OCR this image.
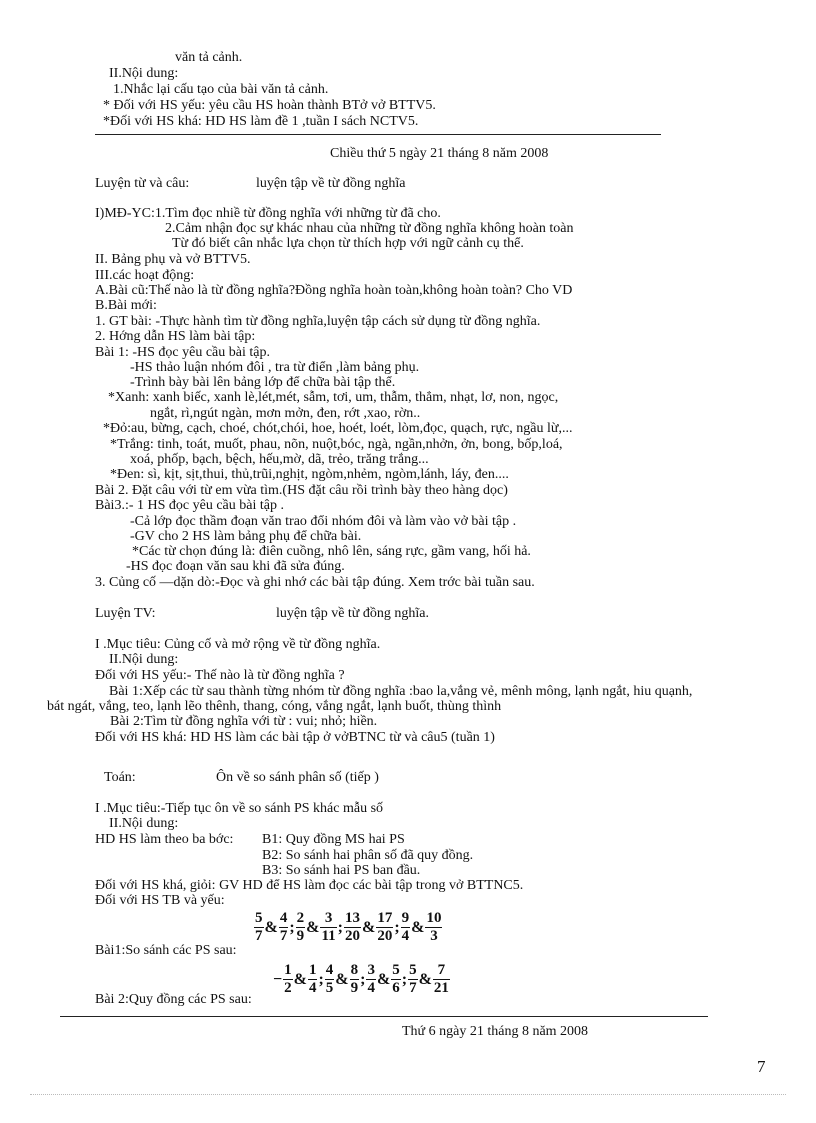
văn tả cảnh.
II.Nội dung:
1.Nhắc lại cấu tạo của bài văn tả cảnh.
* Đối với HS yếu: yêu cầu HS hoàn thành BTở vở BTTV5.
*Đối với HS khá: HD HS làm đề 1 ,tuần I sách NCTV5.
Chiều thứ 5 ngày 21 tháng 8 năm 2008
Luyện từ và câu:	luyện tập về từ đồng nghĩa
I)MĐ-YC:1.Tìm đọc nhiề từ đồng nghĩa với những từ đã cho.
2.Cảm nhận đọc sự khác nhau của những từ đồng nghĩa không hoàn toàn
Từ đó biết cân nhắc lựa chọn từ thích hợp với ngữ cảnh cụ thể.
II. Bảng phụ và vở BTTV5.
III.các hoạt động:
A.Bài cũ:Thế nào là từ đồng nghĩa?Đồng nghĩa hoàn toàn,không hoàn toàn? Cho VD
B.Bài mới:
1. GT bài: -Thực hành tìm từ đồng nghĩa,luyện tập cách sử dụng từ đồng nghĩa.
2. Hớng dẫn HS làm bài tập:
Bài 1: -HS đọc yêu cầu bài tập.
-HS thảo luận nhóm đôi , tra từ điển ,làm bảng phụ.
-Trình bày bài lên bảng lớp để chữa bài tập thể.
*Xanh: xanh biếc, xanh lè,lét,mét, sẫm, tơi, um, thẫm, thẳm, nhạt, lơ, non, ngọc,
ngắt, rì,ngút ngàn, mơn mởn, đen, rớt ,xao, rờn..
*Đỏ:au, bừng, cạch, choé, chót,chói, hoe, hoét, loét, lòm,đọc, quạch, rực, ngầu lừ,...
*Trắng: tinh, toát, muốt, phau, nõn, nuột,bóc, ngà, ngần,nhởn, ởn, bong, bốp,loá,
xoá, phốp, bạch, bệch, hếu,mờ, dã, trẻo, trăng trắng...
*Đen: sì, kịt, sịt,thui, thủ,trũi,nghịt, ngòm,nhẻm, ngòm,lánh, láy, đen....
Bài 2. Đặt câu với từ em vừa tìm.(HS đặt câu rồi trình bày theo hàng dọc)
Bài3.:- 1 HS đọc yêu cầu bài tập .
-Cả lớp đọc thầm đoạn văn trao đổi nhóm đôi và làm vào vở bài tập .
-GV cho 2 HS làm bảng phụ để chữa bài.
*Các từ chọn đúng là: điên cuồng, nhô lên, sáng rực, gầm vang, hối hả.
-HS đọc đoạn văn sau khi đã sửa đúng.
3. Củng cố —dặn dò:-Đọc và ghi nhớ các bài tập đúng. Xem trớc bài tuần sau.
Luyện TV:	luyện tập về từ đồng nghĩa.
I .Mục tiêu: Củng cố và mở rộng về từ đồng nghĩa.
II.Nội dung:
Đối với HS yếu:- Thế nào là từ đồng nghĩa ?
Bài 1:Xếp các từ sau thành từng nhóm từ đồng nghĩa :bao la,vắng vẻ, mênh mông, lạnh ngắt, hiu quạnh,
bát ngát, vắng, teo, lạnh lẽo thênh, thang, cóng, vắng ngắt, lạnh buốt, thùng thình
Bài 2:Tìm từ đồng nghĩa với từ : vui; nhỏ; hiền.
Đối với HS khá: HD HS làm các bài tập ở vởBTNC từ và câu5 (tuần 1)
Toán:	Ôn về so sánh phân số (tiếp )
I .Mục tiêu:-Tiếp tục ôn về so sánh PS khác mẫu số
II.Nội dung:
HD HS làm theo ba bớc: B1: Quy đồng MS hai PS
B2: So sánh hai phân số đã quy đồng.
B3: So sánh hai PS ban đầu.
Đối với HS khá, giỏi: GV HD để HS làm đọc các bài tập trong vở BTTNC5.
Đối với HS TB và yếu:
$\frac{5}{7}$ & $\frac{4}{7}$ ; $\frac{2}{9}$ & $\frac{3}{11}$ ; $\frac{13}{20}$ & $\frac{17}{20}$ ; $\frac{9}{4}$ & $\frac{10}{3}$
Bài1:So sánh các PS sau:
− $\frac{1}{2}$ & $\frac{1}{4}$ ; $\frac{4}{5}$ & $\frac{8}{9}$ ; $\frac{3}{4}$ & $\frac{5}{6}$ ; $\frac{5}{7}$ & $\frac{7}{21}$
Bài 2:Quy đồng các PS sau:
Thứ 6 ngày 21 tháng 8 năm 2008
7
